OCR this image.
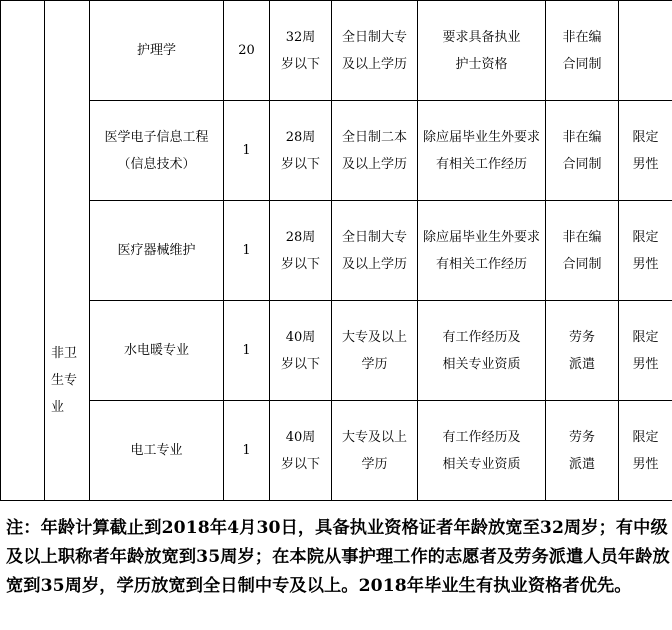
	非卫生专业	护理学	20	32周岁以下	全日制大专及以上学历	要求具备执业护士资格	非在编合同制	

		医学电子信息工程（信息技术）	1	28周岁以下	全日制二本及以上学历	除应届毕业生外要求有相关工作经历	非在编合同制	限定男性

		医疗器械维护	1	28周岁以下	全日制大专及以上学历	除应届毕业生外要求有相关工作经历	非在编合同制	限定男性

		水电暖专业	1	40周岁以下	大专及以上学历	有工作经历及相关专业资质	劳务派遣	限定男性

		电工专业	1	40周岁以下	大专及以上学历	有工作经历及相关专业资质	劳务派遣	限定男性
注：年龄计算截止到2018年4月30日，具备执业资格证者年龄放宽至32周岁；有中级及以上职称者年龄放宽到35周岁；在本院从事护理工作的志愿者及劳务派遣人员年龄放宽到35周岁，学历放宽到全日制中专及以上。2018年毕业生有执业资格者优先。
